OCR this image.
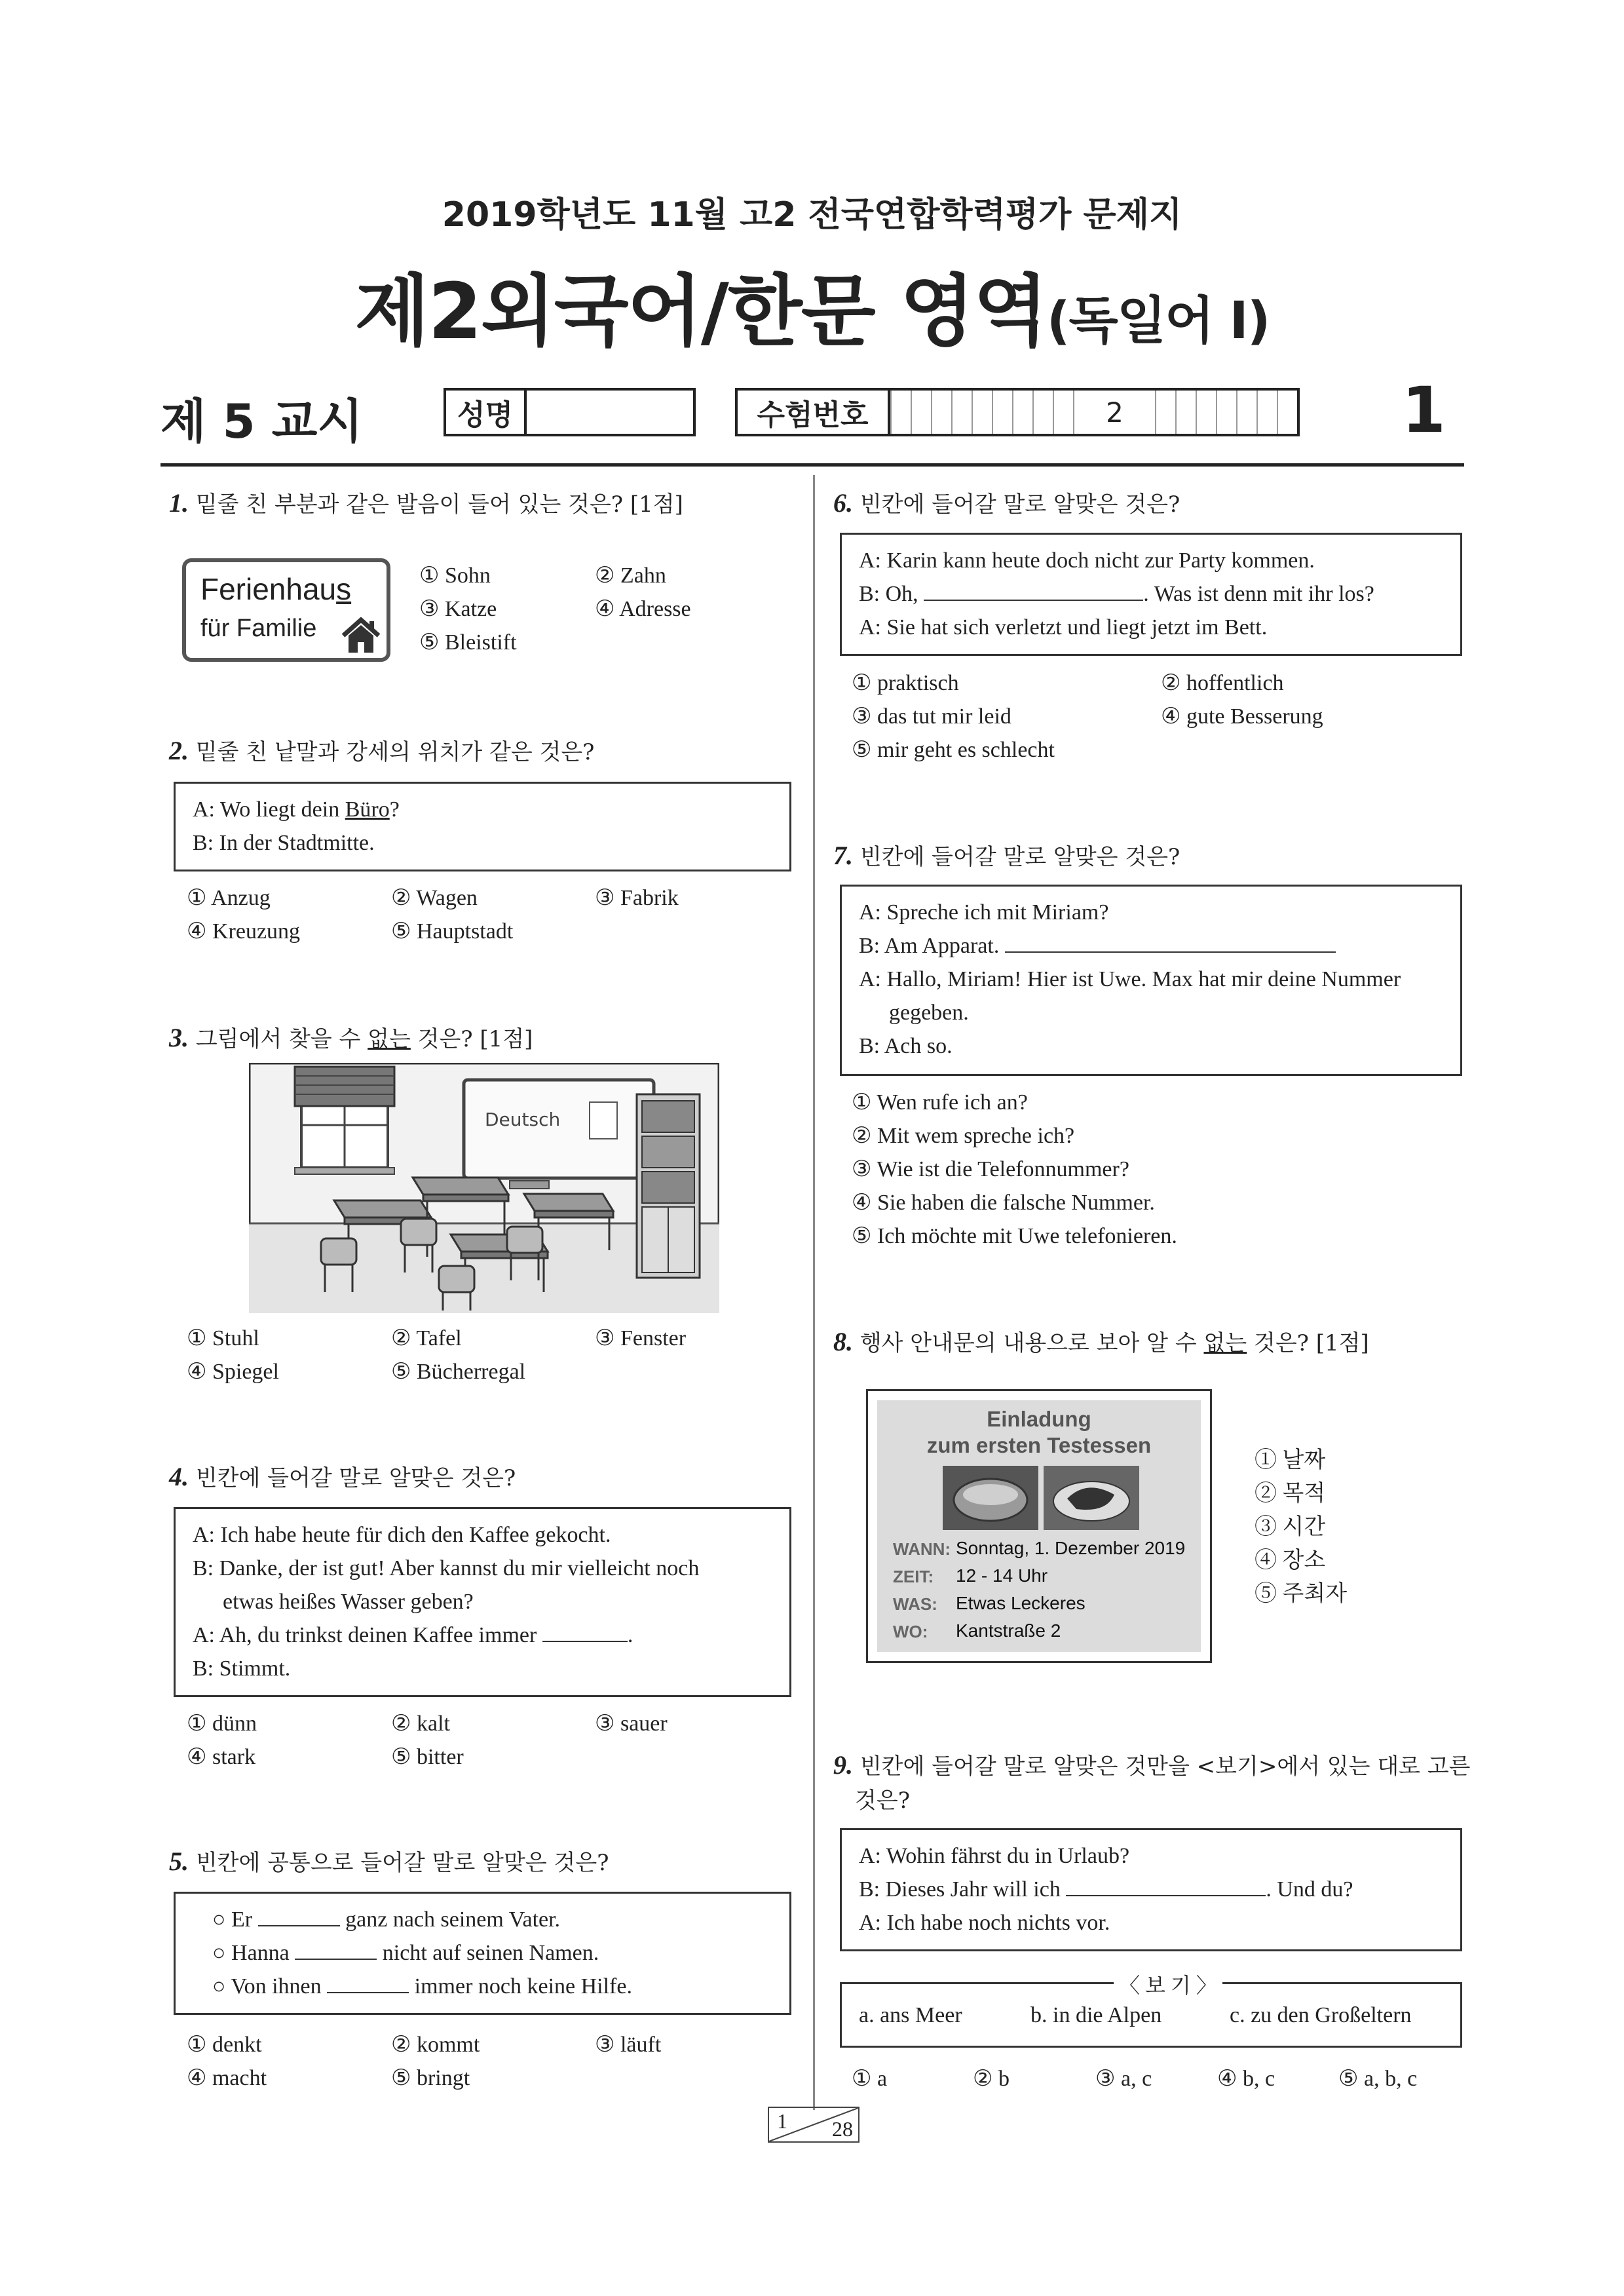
2019학년도 11월 고2 전국연합학력평가 문제지
제2외국어/한문 영역(독일어 Ⅰ)
제 5 교시	성명	수험번호	2	1
1. 밑줄 친 부분과 같은 발음이 들어 있는 것은? [1점]
Ferienhaus
für Familie
① Sohn	② Zahn
③ Katze	④ Adresse
⑤ Bleistift
2. 밑줄 친 낱말과 강세의 위치가 같은 것은?
A: Wo liegt dein Büro?
B: In der Stadtmitte.
① Anzug	② Wagen	③ Fabrik
④ Kreuzung	⑤ Hauptstadt
3. 그림에서 찾을 수 없는 것은? [1점]
Deutsch
① Stuhl	② Tafel	③ Fenster
④ Spiegel	⑤ Bücherregal
4. 빈칸에 들어갈 말로 알맞은 것은?
A: Ich habe heute für dich den Kaffee gekocht.
B: Danke, der ist gut! Aber kannst du mir vielleicht noch
etwas heißes Wasser geben?
A: Ah, du trinkst deinen Kaffee immer	.
B: Stimmt.
① dünn	② kalt	③ sauer
④ stark	⑤ bitter
5. 빈칸에 공통으로 들어갈 말로 알맞은 것은?
○ Er	ganz nach seinem Vater.
○ Hanna	nicht auf seinen Namen.
○ Von ihnen	immer noch keine Hilfe.
① denkt	② kommt	③ läuft
④ macht	⑤ bringt
6. 빈칸에 들어갈 말로 알맞은 것은?
A: Karin kann heute doch nicht zur Party kommen.
B: Oh,	. Was ist denn mit ihr los?
A: Sie hat sich verletzt und liegt jetzt im Bett.
① praktisch	② hoffentlich
③ das tut mir leid	④ gute Besserung
⑤ mir geht es schlecht
7. 빈칸에 들어갈 말로 알맞은 것은?
A: Spreche ich mit Miriam?
B: Am Apparat.
A: Hallo, Miriam! Hier ist Uwe. Max hat mir deine Nummer
gegeben.
B: Ach so.
① Wen rufe ich an?
② Mit wem spreche ich?
③ Wie ist die Telefonnummer?
④ Sie haben die falsche Nummer.
⑤ Ich möchte mit Uwe telefonieren.
8. 행사 안내문의 내용으로 보아 알 수 없는 것은? [1점]
Einladung
zum ersten Testessen
WANN: Sonntag, 1. Dezember 2019
ZEIT: 12 - 14 Uhr
WAS: Etwas Leckeres
WO: Kantstraße 2
① 날짜
② 목적
③ 시간
④ 장소
⑤ 주최자
9. 빈칸에 들어갈 말로 알맞은 것만을 <보기>에서 있는 대로 고른
것은?
A: Wohin fährst du in Urlaub?
B: Dieses Jahr will ich	. Und du?
A: Ich habe noch nichts vor.
a. ans Meer	b. in die Alpen	c. zu den Großeltern
〈 보 기 〉
① a	② b	③ a, c	④ b, c	⑤ a, b, c
1 28
